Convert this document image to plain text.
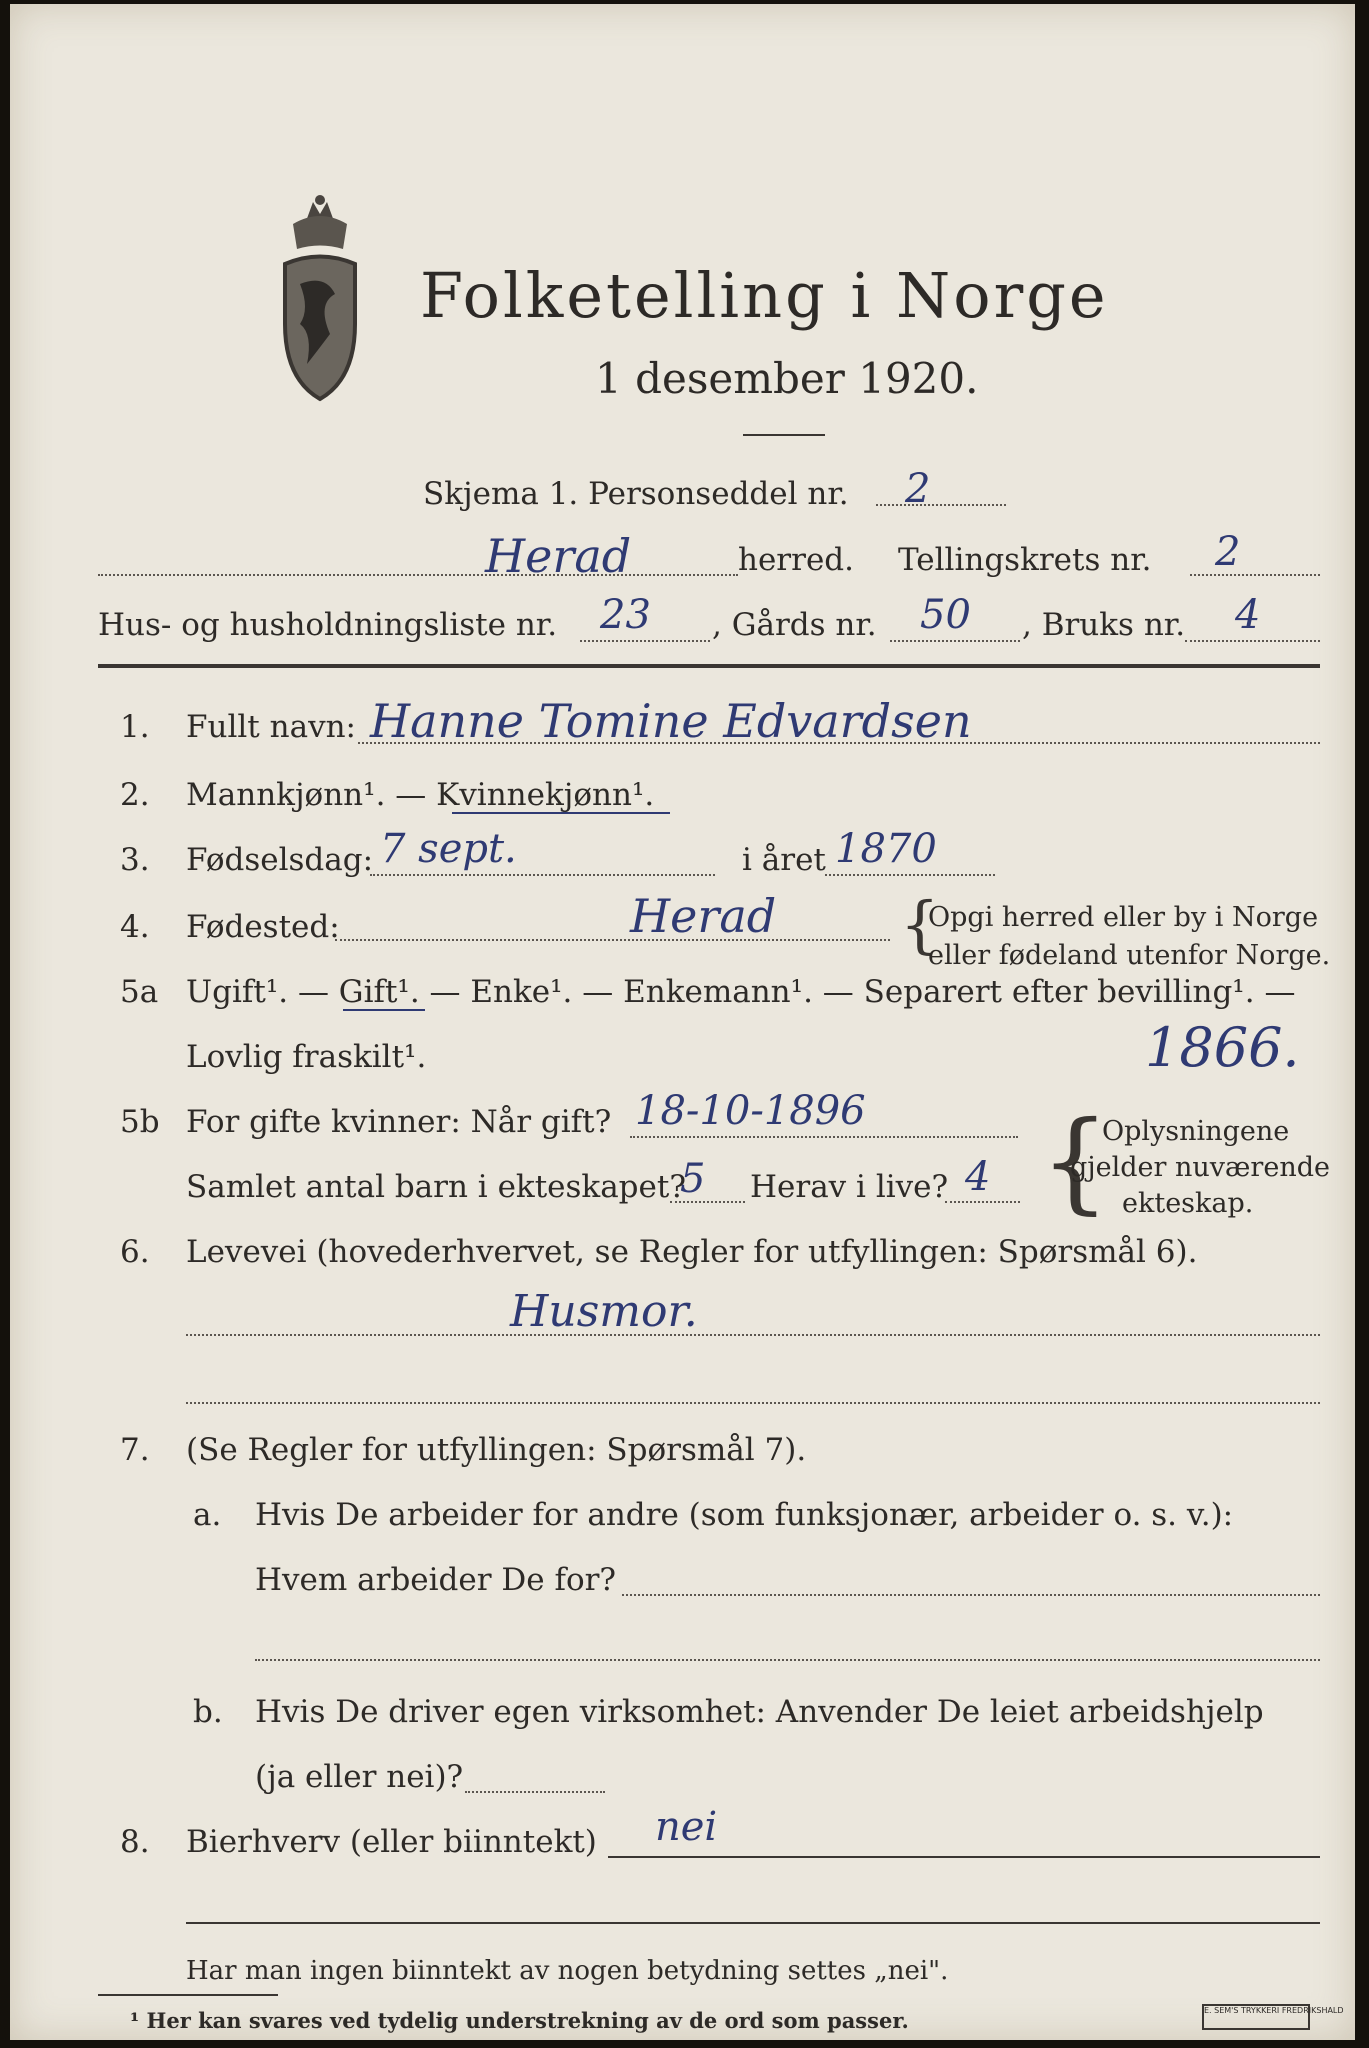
Folketelling i Norge
1 desember 1920.
Skjema 1. Personseddel nr. 2
Herad	herred. Tellingskrets nr. 2
Hus- og husholdningsliste nr. 23 , Gårds nr. 50 , Bruks nr. 4
1. Fullt navn: Hanne Tomine Edvardsen
2. Mannkjønn¹. — Kvinnekjønn¹.
3. Fødselsdag: 7 sept.	i året 1870
4. Fødested:	Herad {
Opgi herred eller by i Norge
eller fødeland utenfor Norge.
5a Ugift¹. — Gift¹. — Enke¹. — Enkemann¹. — Separert efter bevilling¹. —
Lovlig fraskilt¹.	1866.
5b For gifte kvinner: Når gift? 18-10-1896
Samlet antal barn i ekteskapet?
5 Herav i live? 4 {
Oplysningene
gjelder nuværende
ekteskap.
6. Levevei (hovederhvervet, se Regler for utfyllingen: Spørsmål 6).
Husmor.
7. (Se Regler for utfyllingen: Spørsmål 7).
a. Hvis De arbeider for andre (som funksjonær, arbeider o. s. v.):
Hvem arbeider De for?
b. Hvis De driver egen virksomhet: Anvender De leiet arbeidshjelp
(ja eller nei)?
8. Bierhverv (eller biinntekt) nei
Har man ingen biinntekt av nogen betydning settes „nei".
¹ Her kan svares ved tydelig understrekning av de ord som passer.	E. SEM'S TRYKKERI FREDRIKSHALD
